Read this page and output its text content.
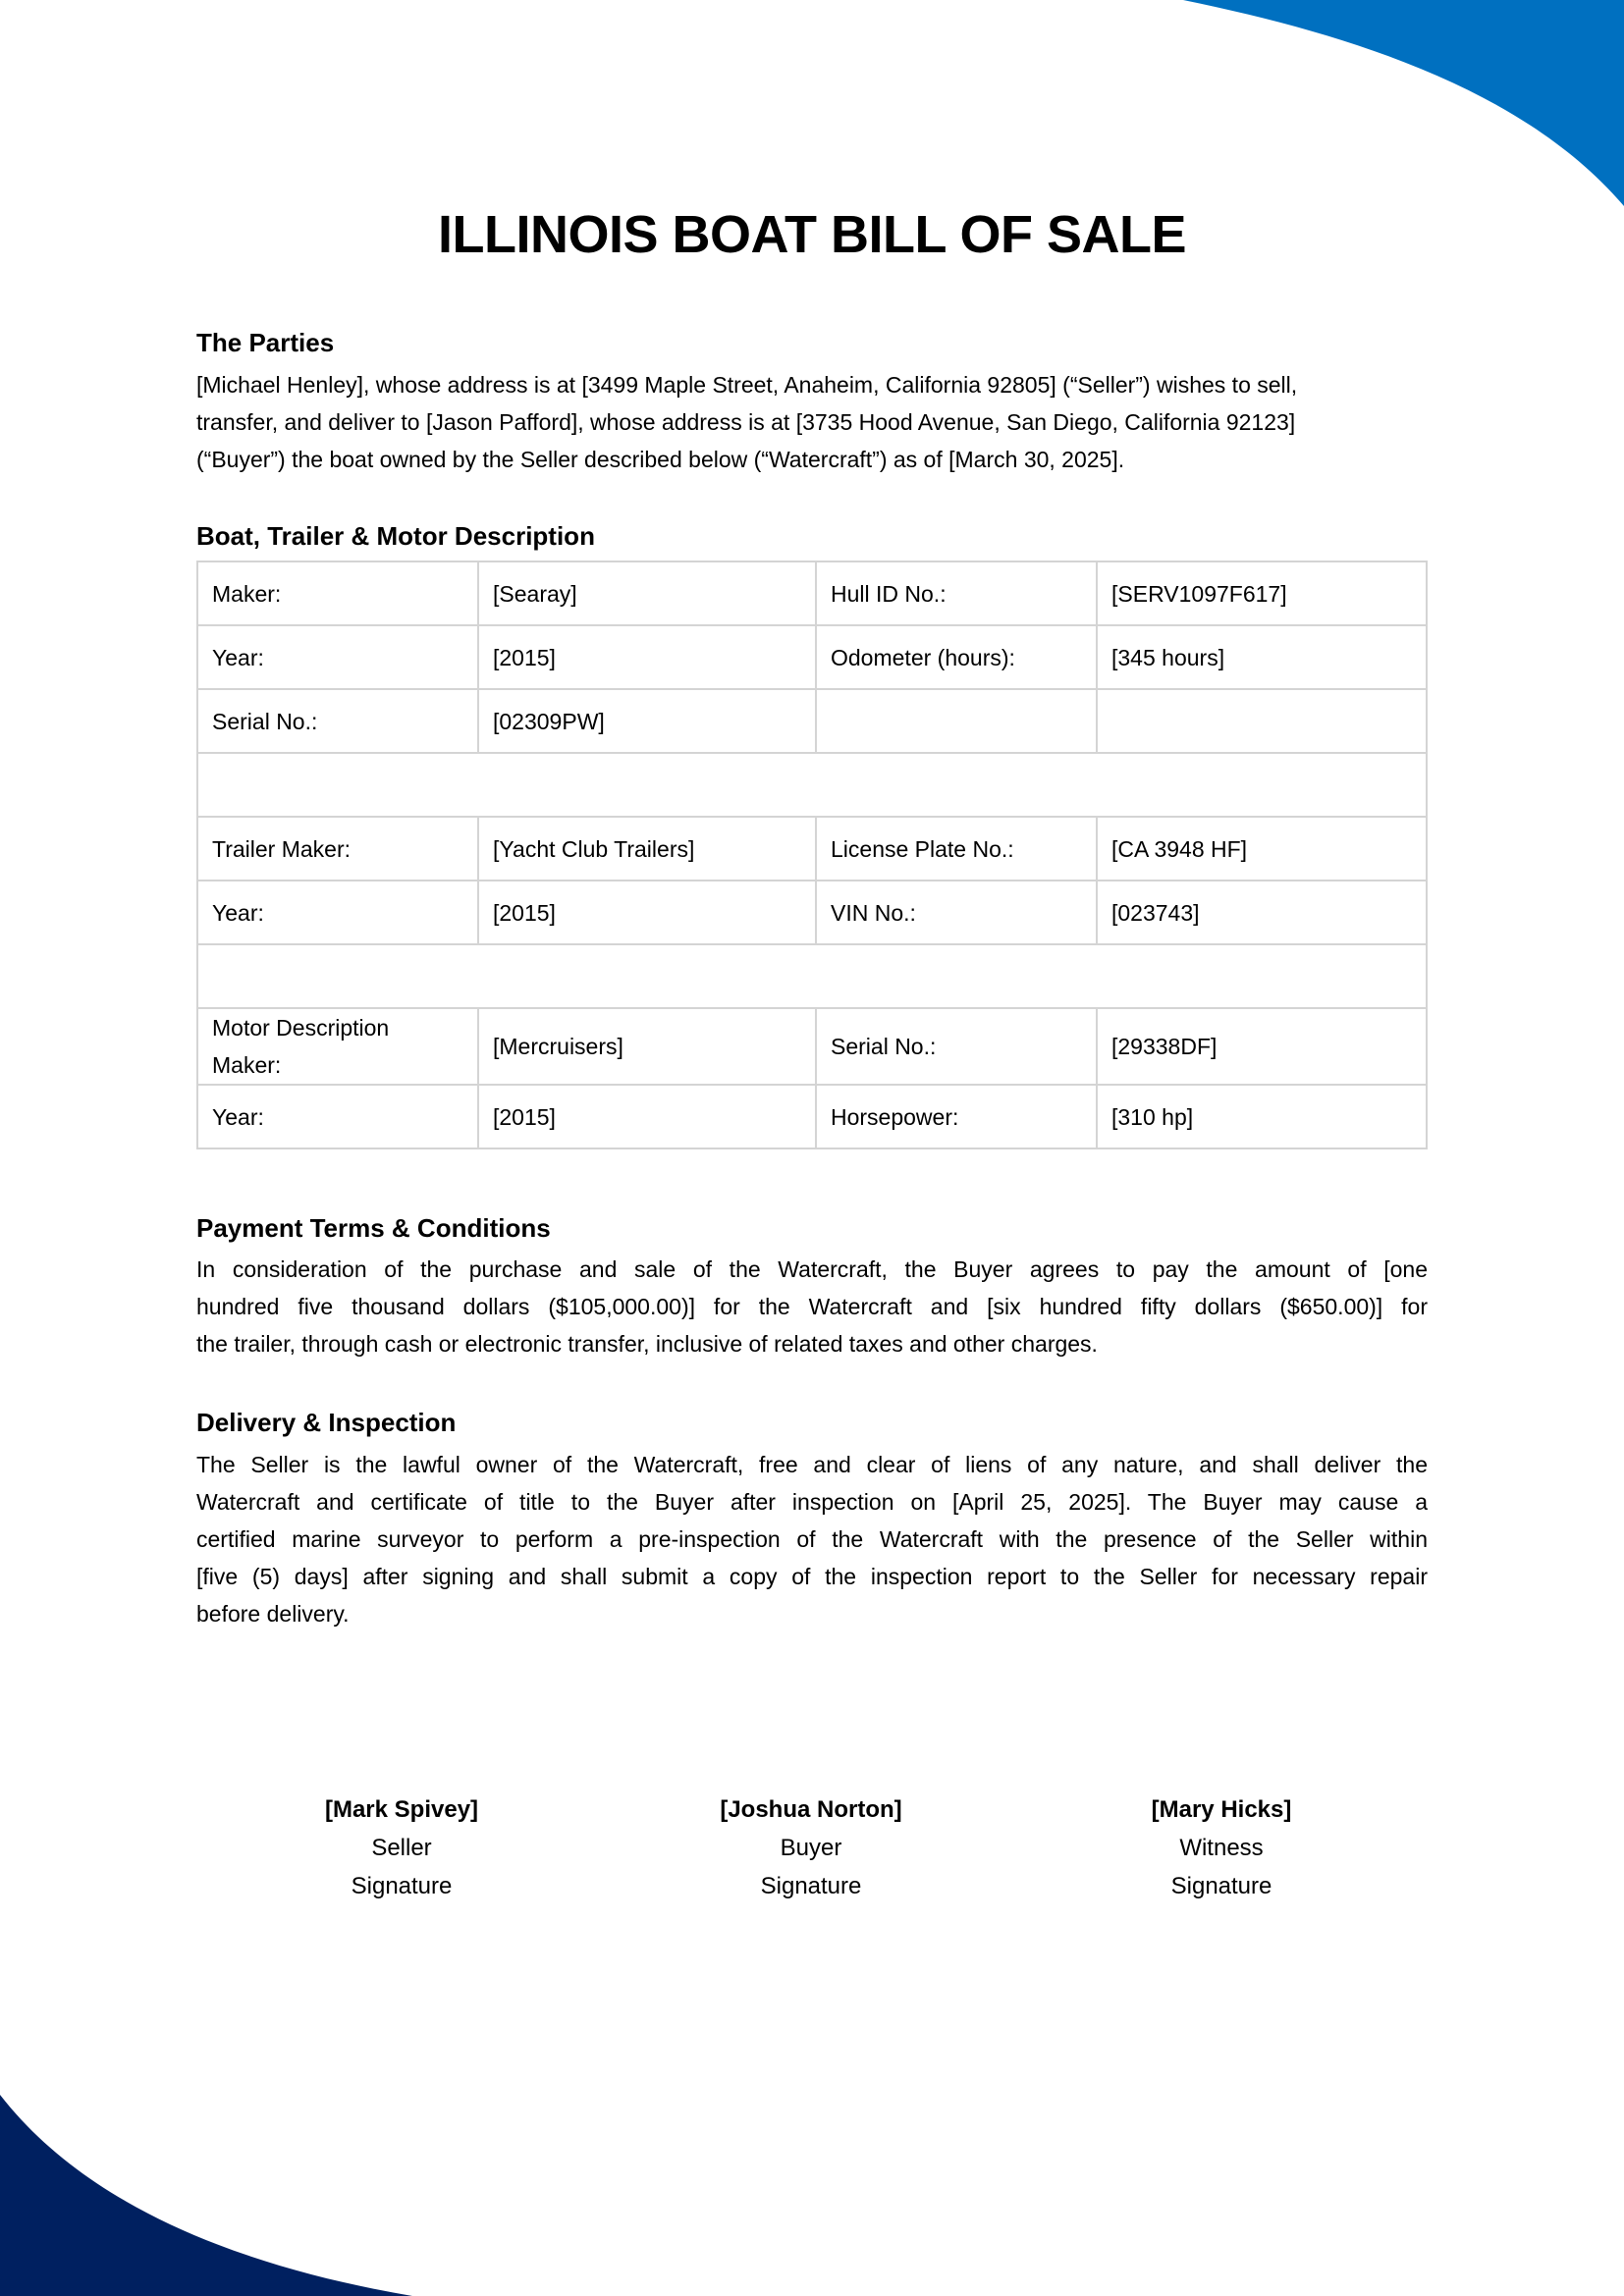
ILLINOIS BOAT BILL OF SALE
The Parties
[Michael Henley], whose address is at [3499 Maple Street, Anaheim, California 92805] (“Seller”) wishes to sell,
transfer, and deliver to [Jason Pafford], whose address is at [3735 Hood Avenue, San Diego, California 92123]
(“Buyer”) the boat owned by the Seller described below (“Watercraft”) as of [March 30, 2025].
Boat, Trailer & Motor Description
Maker:	[Searay]	Hull ID No.:	[SERV1097F617]
Year:	[2015]	Odometer (hours):	[345 hours]
Serial No.:	[02309PW]		

Trailer Maker:	[Yacht Club Trailers]	License Plate No.:	[CA 3948 HF]
Year:	[2015]	VIN No.:	[023743]

Motor Description Maker:	[Mercruisers]	Serial No.:	[29338DF]
Year:	[2015]	Horsepower:	[310 hp]
Payment Terms & Conditions
In consideration of the purchase and sale of the Watercraft, the Buyer agrees to pay the amount of [one
hundred five thousand dollars ($105,000.00)] for the Watercraft and [six hundred fifty dollars ($650.00)] for
the trailer, through cash or electronic transfer, inclusive of related taxes and other charges.
Delivery & Inspection
The Seller is the lawful owner of the Watercraft, free and clear of liens of any nature, and shall deliver the
Watercraft and certificate of title to the Buyer after inspection on [April 25, 2025]. The Buyer may cause a
certified marine surveyor to perform a pre-inspection of the Watercraft with the presence of the Seller within
[five (5) days] after signing and shall submit a copy of the inspection report to the Seller for necessary repair
before delivery.
[Mark Spivey]
Seller
Signature
[Joshua Norton]
Buyer
Signature
[Mary Hicks]
Witness
Signature
